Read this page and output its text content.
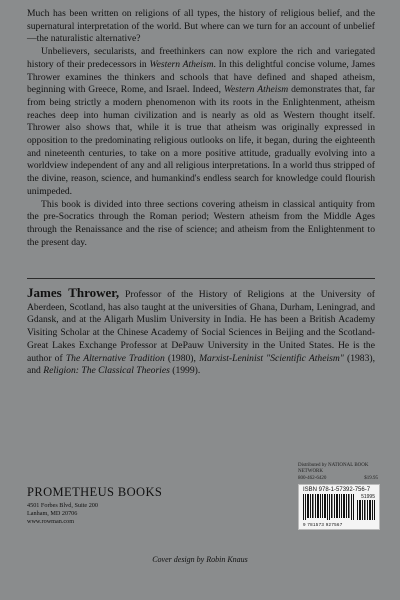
Much has been written on religions of all types, the history of religious belief, and the supernatural interpretation of the world. But where can we turn for an account of unbelief—the naturalistic alternative?

Unbelievers, secularists, and freethinkers can now explore the rich and variegated history of their predecessors in Western Atheism. In this delightful concise volume, James Thrower examines the thinkers and schools that have defined and shaped atheism, beginning with Greece, Rome, and Israel. Indeed, Western Atheism demonstrates that, far from being strictly a modern phenomenon with its roots in the Enlightenment, atheism reaches deep into human civilization and is nearly as old as Western thought itself. Thrower also shows that, while it is true that atheism was originally expressed in opposition to the predominating religious outlooks on life, it began, during the eighteenth and nineteenth centuries, to take on a more positive attitude, gradually evolving into a worldview independent of any and all religious interpretations. In a world thus stripped of the divine, reason, science, and humankind's endless search for knowledge could flourish unimpeded.

This book is divided into three sections covering atheism in classical antiquity from the pre-Socratics through the Roman period; Western atheism from the Middle Ages through the Renaissance and the rise of science; and atheism from the Enlightenment to the present day.

James Thrower, Professor of the History of Religions at the University of Aberdeen, Scotland, has also taught at the universities of Ghana, Durham, Leningrad, and Gdansk, and at the Aligarh Muslim University in India. He has been a British Academy Visiting Scholar at the Chinese Academy of Social Sciences in Beijing and the Scotland-Great Lakes Exchange Professor at DePauw University in the United States. He is the author of The Alternative Tradition (1980), Marxist-Leninist "Scientific Atheism" (1983), and Religion: The Classical Theories (1999).
PROMETHEUS BOOKS
4501 Forbes Blvd, Suite 200
Lanham, MD 20706
www.rowman.com
Distributed by NATIONAL BOOK NETWORK
800-462-6420	$19.95
ISBN 978-1-57392-756-7
51995
9 781573 927567
Cover design by Robin Knaus
